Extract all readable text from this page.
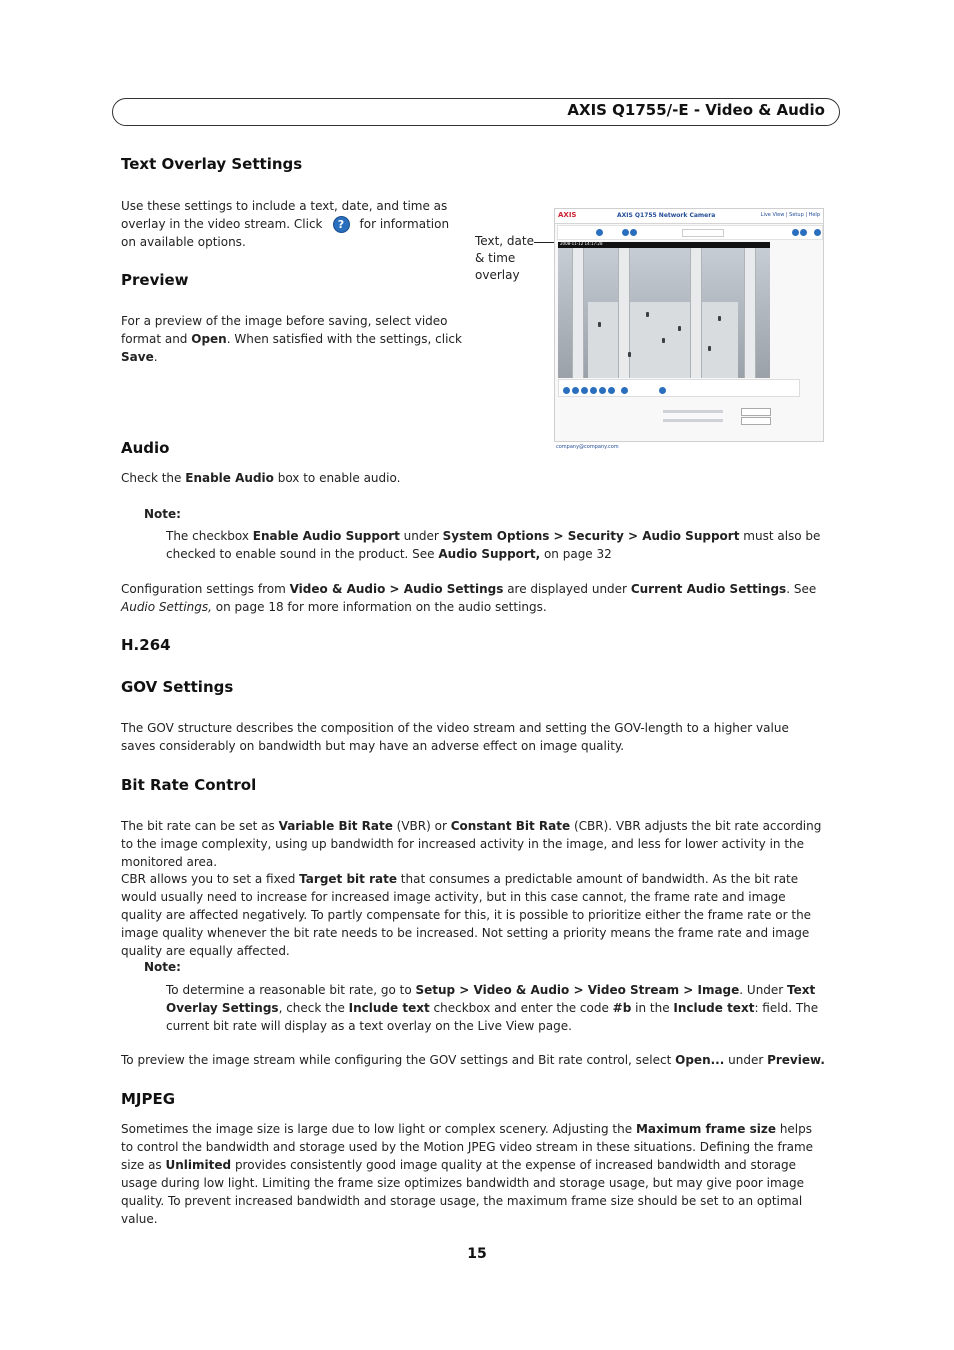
AXIS Q1755/-E - Video & Audio
Text Overlay Settings

Use these settings to include a text, date, and time as overlay in the video stream. Click ? for information on available options.

Preview

For a preview of the image before saving, select video format and Open. When satisfied with the settings, click Save.

Text, date & time overlay
AXIS	AXIS Q1755 Network Camera	Live View | Setup | Help
2008-11-12 14:17:28
company@company.com
Audio

Check the Enable Audio box to enable audio.

Note:

The checkbox Enable Audio Support under System Options > Security > Audio Support must also be checked to enable sound in the product. See Audio Support, on page 32

Configuration settings from Video & Audio > Audio Settings are displayed under Current Audio Settings. See Audio Settings, on page 18 for more information on the audio settings.

H.264
GOV Settings

The GOV structure describes the composition of the video stream and setting the GOV-length to a higher value saves considerably on bandwidth but may have an adverse effect on image quality.

Bit Rate Control

The bit rate can be set as Variable Bit Rate (VBR) or Constant Bit Rate (CBR). VBR adjusts the bit rate according to the image complexity, using up bandwidth for increased activity in the image, and less for lower activity in the monitored area.

CBR allows you to set a fixed Target bit rate that consumes a predictable amount of bandwidth. As the bit rate would usually need to increase for increased image activity, but in this case cannot, the frame rate and image quality are affected negatively. To partly compensate for this, it is possible to prioritize either the frame rate or the image quality whenever the bit rate needs to be increased. Not setting a priority means the frame rate and image quality are equally affected.

Note:

To determine a reasonable bit rate, go to Setup > Video & Audio > Video Stream > Image. Under Text Overlay Settings, check the Include text checkbox and enter the code #b in the Include text: field. The current bit rate will display as a text overlay on the Live View page.

To preview the image stream while configuring the GOV settings and Bit rate control, select Open... under Preview.

MJPEG

Sometimes the image size is large due to low light or complex scenery. Adjusting the Maximum frame size helps to control the bandwidth and storage used by the Motion JPEG video stream in these situations. Defining the frame size as Unlimited provides consistently good image quality at the expense of increased bandwidth and storage usage during low light. Limiting the frame size optimizes bandwidth and storage usage, but may give poor image quality. To prevent increased bandwidth and storage usage, the maximum frame size should be set to an optimal value.

15
